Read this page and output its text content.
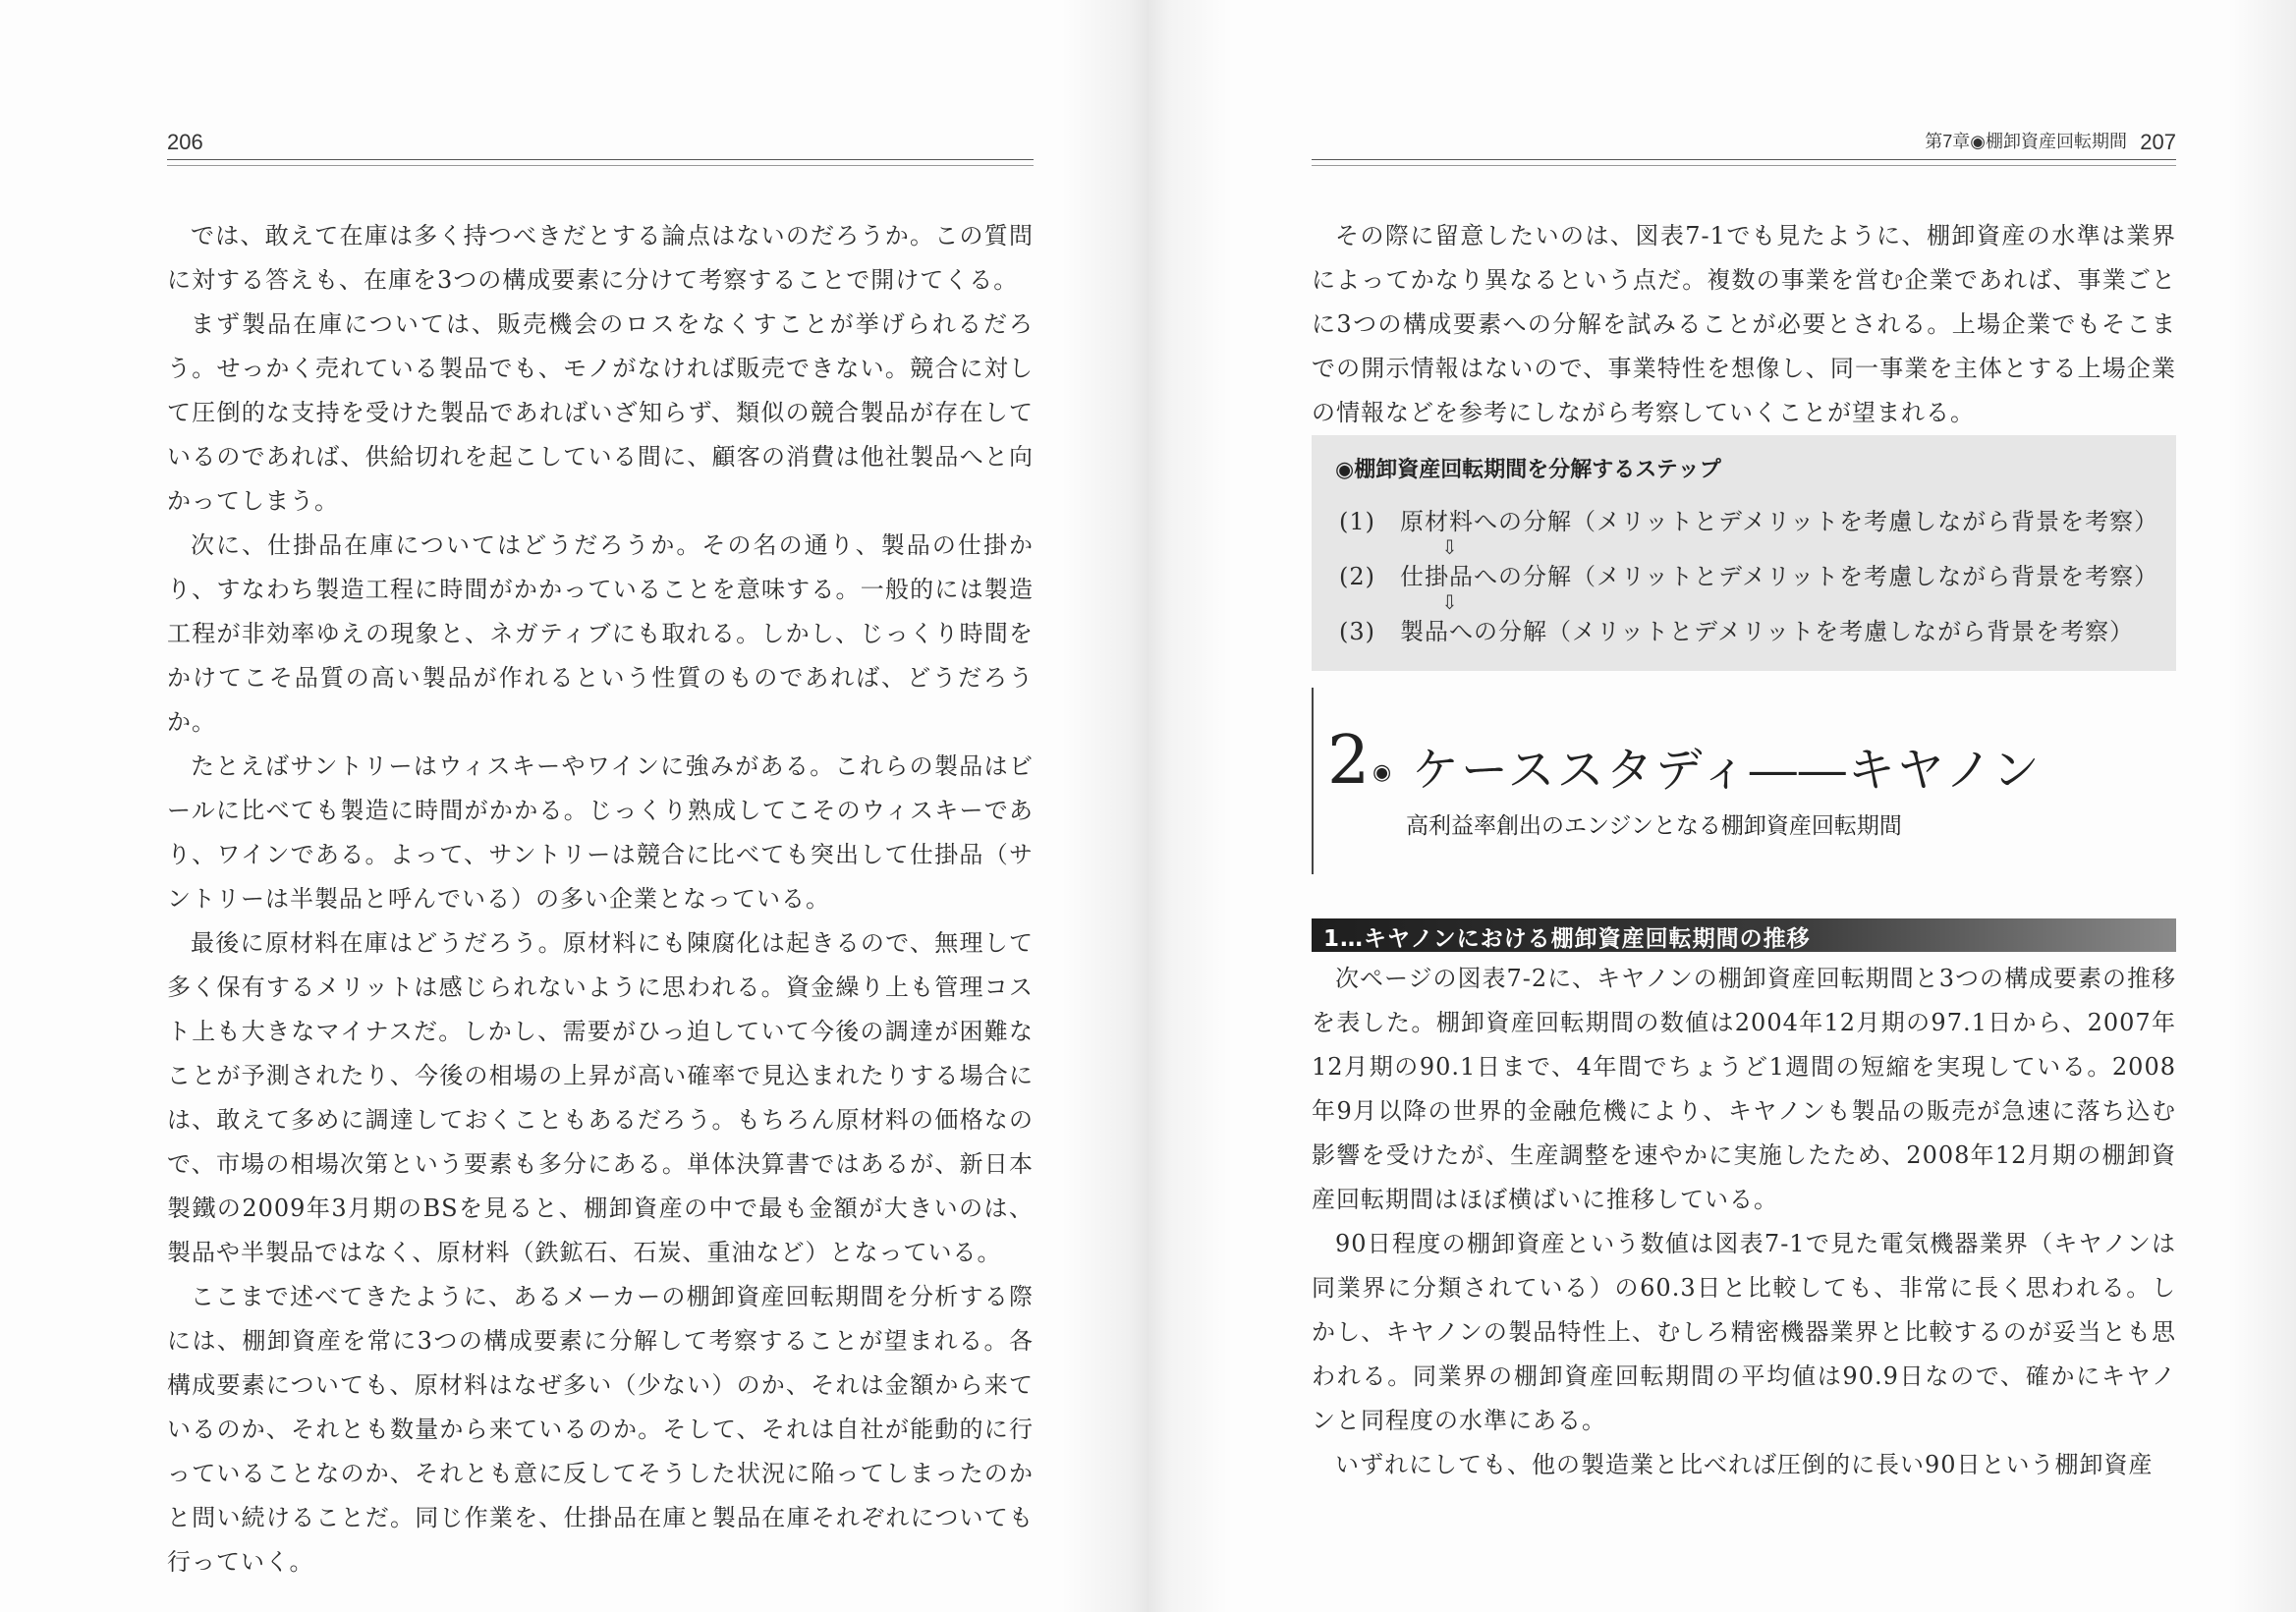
206

では、敢えて在庫は多く持つべきだとする論点はないのだろうか。この質問に対する答えも、在庫を3つの構成要素に分けて考察することで開けてくる。

まず製品在庫については、販売機会のロスをなくすことが挙げられるだろう。せっかく売れている製品でも、モノがなければ販売できない。競合に対して圧倒的な支持を受けた製品であればいざ知らず、類似の競合製品が存在しているのであれば、供給切れを起こしている間に、顧客の消費は他社製品へと向かってしまう。

次に、仕掛品在庫についてはどうだろうか。その名の通り、製品の仕掛かり、すなわち製造工程に時間がかかっていることを意味する。一般的には製造工程が非効率ゆえの現象と、ネガティブにも取れる。しかし、じっくり時間をかけてこそ品質の高い製品が作れるという性質のものであれば、どうだろうか。

たとえばサントリーはウィスキーやワインに強みがある。これらの製品はビールに比べても製造に時間がかかる。じっくり熟成してこそのウィスキーであり、ワインである。よって、サントリーは競合に比べても突出して仕掛品（サントリーは半製品と呼んでいる）の多い企業となっている。

最後に原材料在庫はどうだろう。原材料にも陳腐化は起きるので、無理して多く保有するメリットは感じられないように思われる。資金繰り上も管理コスト上も大きなマイナスだ。しかし、需要がひっ迫していて今後の調達が困難なことが予測されたり、今後の相場の上昇が高い確率で見込まれたりする場合には、敢えて多めに調達しておくこともあるだろう。もちろん原材料の価格なので、市場の相場次第という要素も多分にある。単体決算書ではあるが、新日本製鐵の2009年3月期のBSを見ると、棚卸資産の中で最も金額が大きいのは、製品や半製品ではなく、原材料（鉄鉱石、石炭、重油など）となっている。

ここまで述べてきたように、あるメーカーの棚卸資産回転期間を分析する際には、棚卸資産を常に3つの構成要素に分解して考察することが望まれる。各構成要素についても、原材料はなぜ多い（少ない）のか、それは金額から来ているのか、それとも数量から来ているのか。そして、それは自社が能動的に行っていることなのか、それとも意に反してそうした状況に陥ってしまったのかと問い続けることだ。同じ作業を、仕掛品在庫と製品在庫それぞれについても行っていく。

第7章◉棚卸資産回転期間 207

その際に留意したいのは、図表7-1でも見たように、棚卸資産の水準は業界によってかなり異なるという点だ。複数の事業を営む企業であれば、事業ごとに3つの構成要素への分解を試みることが必要とされる。上場企業でもそこまでの開示情報はないので、事業特性を想像し、同一事業を主体とする上場企業の情報などを参考にしながら考察していくことが望まれる。

◉棚卸資産回転期間を分解するステップ
(1)　原材料への分解（メリットとデメリットを考慮しながら背景を考察）
⇩
(2)　仕掛品への分解（メリットとデメリットを考慮しながら背景を考察）
⇩
(3)　製品への分解（メリットとデメリットを考慮しながら背景を考察）
2 ◉ ケーススタディ――キヤノン
高利益率創出のエンジンとなる棚卸資産回転期間
1…キヤノンにおける棚卸資産回転期間の推移

次ページの図表7-2に、キヤノンの棚卸資産回転期間と3つの構成要素の推移を表した。棚卸資産回転期間の数値は2004年12月期の97.1日から、2007年12月期の90.1日まで、4年間でちょうど1週間の短縮を実現している。2008年9月以降の世界的金融危機により、キヤノンも製品の販売が急速に落ち込む影響を受けたが、生産調整を速やかに実施したため、2008年12月期の棚卸資産回転期間はほぼ横ばいに推移している。

90日程度の棚卸資産という数値は図表7-1で見た電気機器業界（キヤノンは同業界に分類されている）の60.3日と比較しても、非常に長く思われる。しかし、キヤノンの製品特性上、むしろ精密機器業界と比較するのが妥当とも思われる。同業界の棚卸資産回転期間の平均値は90.9日なので、確かにキヤノンと同程度の水準にある。

いずれにしても、他の製造業と比べれば圧倒的に長い90日という棚卸資産
